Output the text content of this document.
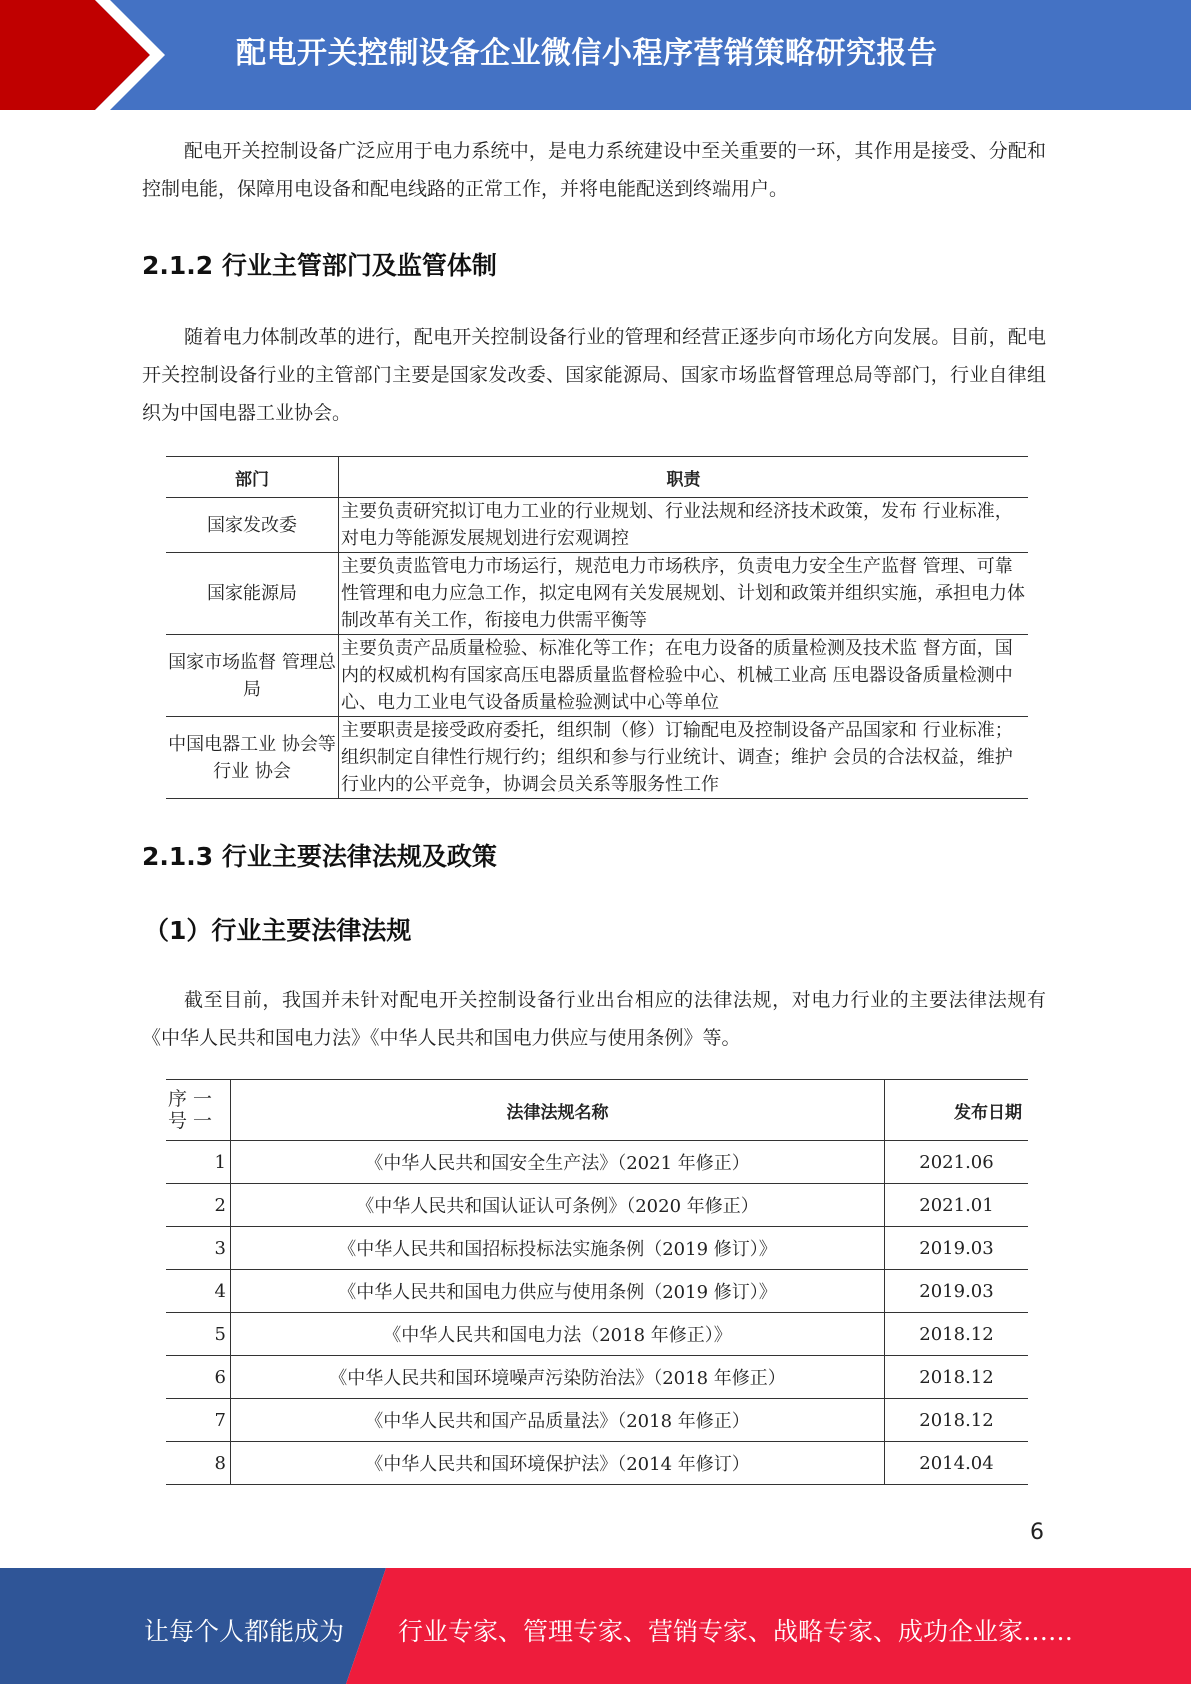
配电开关控制设备企业微信小程序营销策略研究报告

配电开关控制设备广泛应用于电力系统中，是电力系统建设中至关重要的一环，其作用是接受、分配和控制电能，保障用电设备和配电线路的正常工作，并将电能配送到终端用户。

2.1.2 行业主管部门及监管体制

随着电力体制改革的进行，配电开关控制设备行业的管理和经营正逐步向市场化方向发展。目前，配电开关控制设备行业的主管部门主要是国家发改委、国家能源局、国家市场监督管理总局等部门，行业自律组织为中国电器工业协会。

部门	职责
国家发改委	主要负责研究拟订电力工业的行业规划、行业法规和经济技术政策，发布 行业标准，对电力等能源发展规划进行宏观调控
国家能源局	主要负责监管电力市场运行，规范电力市场秩序，负责电力安全生产监督 管理、可靠性管理和电力应急工作，拟定电网有关发展规划、计划和政策并组织实施，承担电力体制改革有关工作，衔接电力供需平衡等
国家市场监督 管理总局	主要负责产品质量检验、标准化等工作；在电力设备的质量检测及技术监 督方面，国内的权威机构有国家高压电器质量监督检验中心、机械工业高 压电器设备质量检测中心、电力工业电气设备质量检验测试中心等单位
中国电器工业 协会等行业 协会	主要职责是接受政府委托，组织制（修）订输配电及控制设备产品国家和 行业标准；组织制定自律性行规行约；组织和参与行业统计、调查；维护 会员的合法权益，维护行业内的公平竞争，协调会员关系等服务性工作
2.1.3 行业主要法律法规及政策
（1）行业主要法律法规

截至目前，我国并未针对配电开关控制设备行业出台相应的法律法规，对电力行业的主要法律法规有《中华人民共和国电力法》《中华人民共和国电力供应与使用条例》等。

序 一
号 一	法律法规名称	发布日期
1	《中华人民共和国安全生产法》（2021 年修正）	2021.06
2	《中华人民共和国认证认可条例》（2020 年修正）	2021.01
3	《中华人民共和国招标投标法实施条例（2019 修订）》	2019.03
4	《中华人民共和国电力供应与使用条例（2019 修订）》	2019.03
5	《中华人民共和国电力法（2018 年修正）》	2018.12
6	《中华人民共和国环境噪声污染防治法》（2018 年修正）	2018.12
7	《中华人民共和国产品质量法》（2018 年修正）	2018.12
8	《中华人民共和国环境保护法》（2014 年修订）	2014.04
6
让每个人都能成为 行业专家、管理专家、营销专家、战略专家、成功企业家……
